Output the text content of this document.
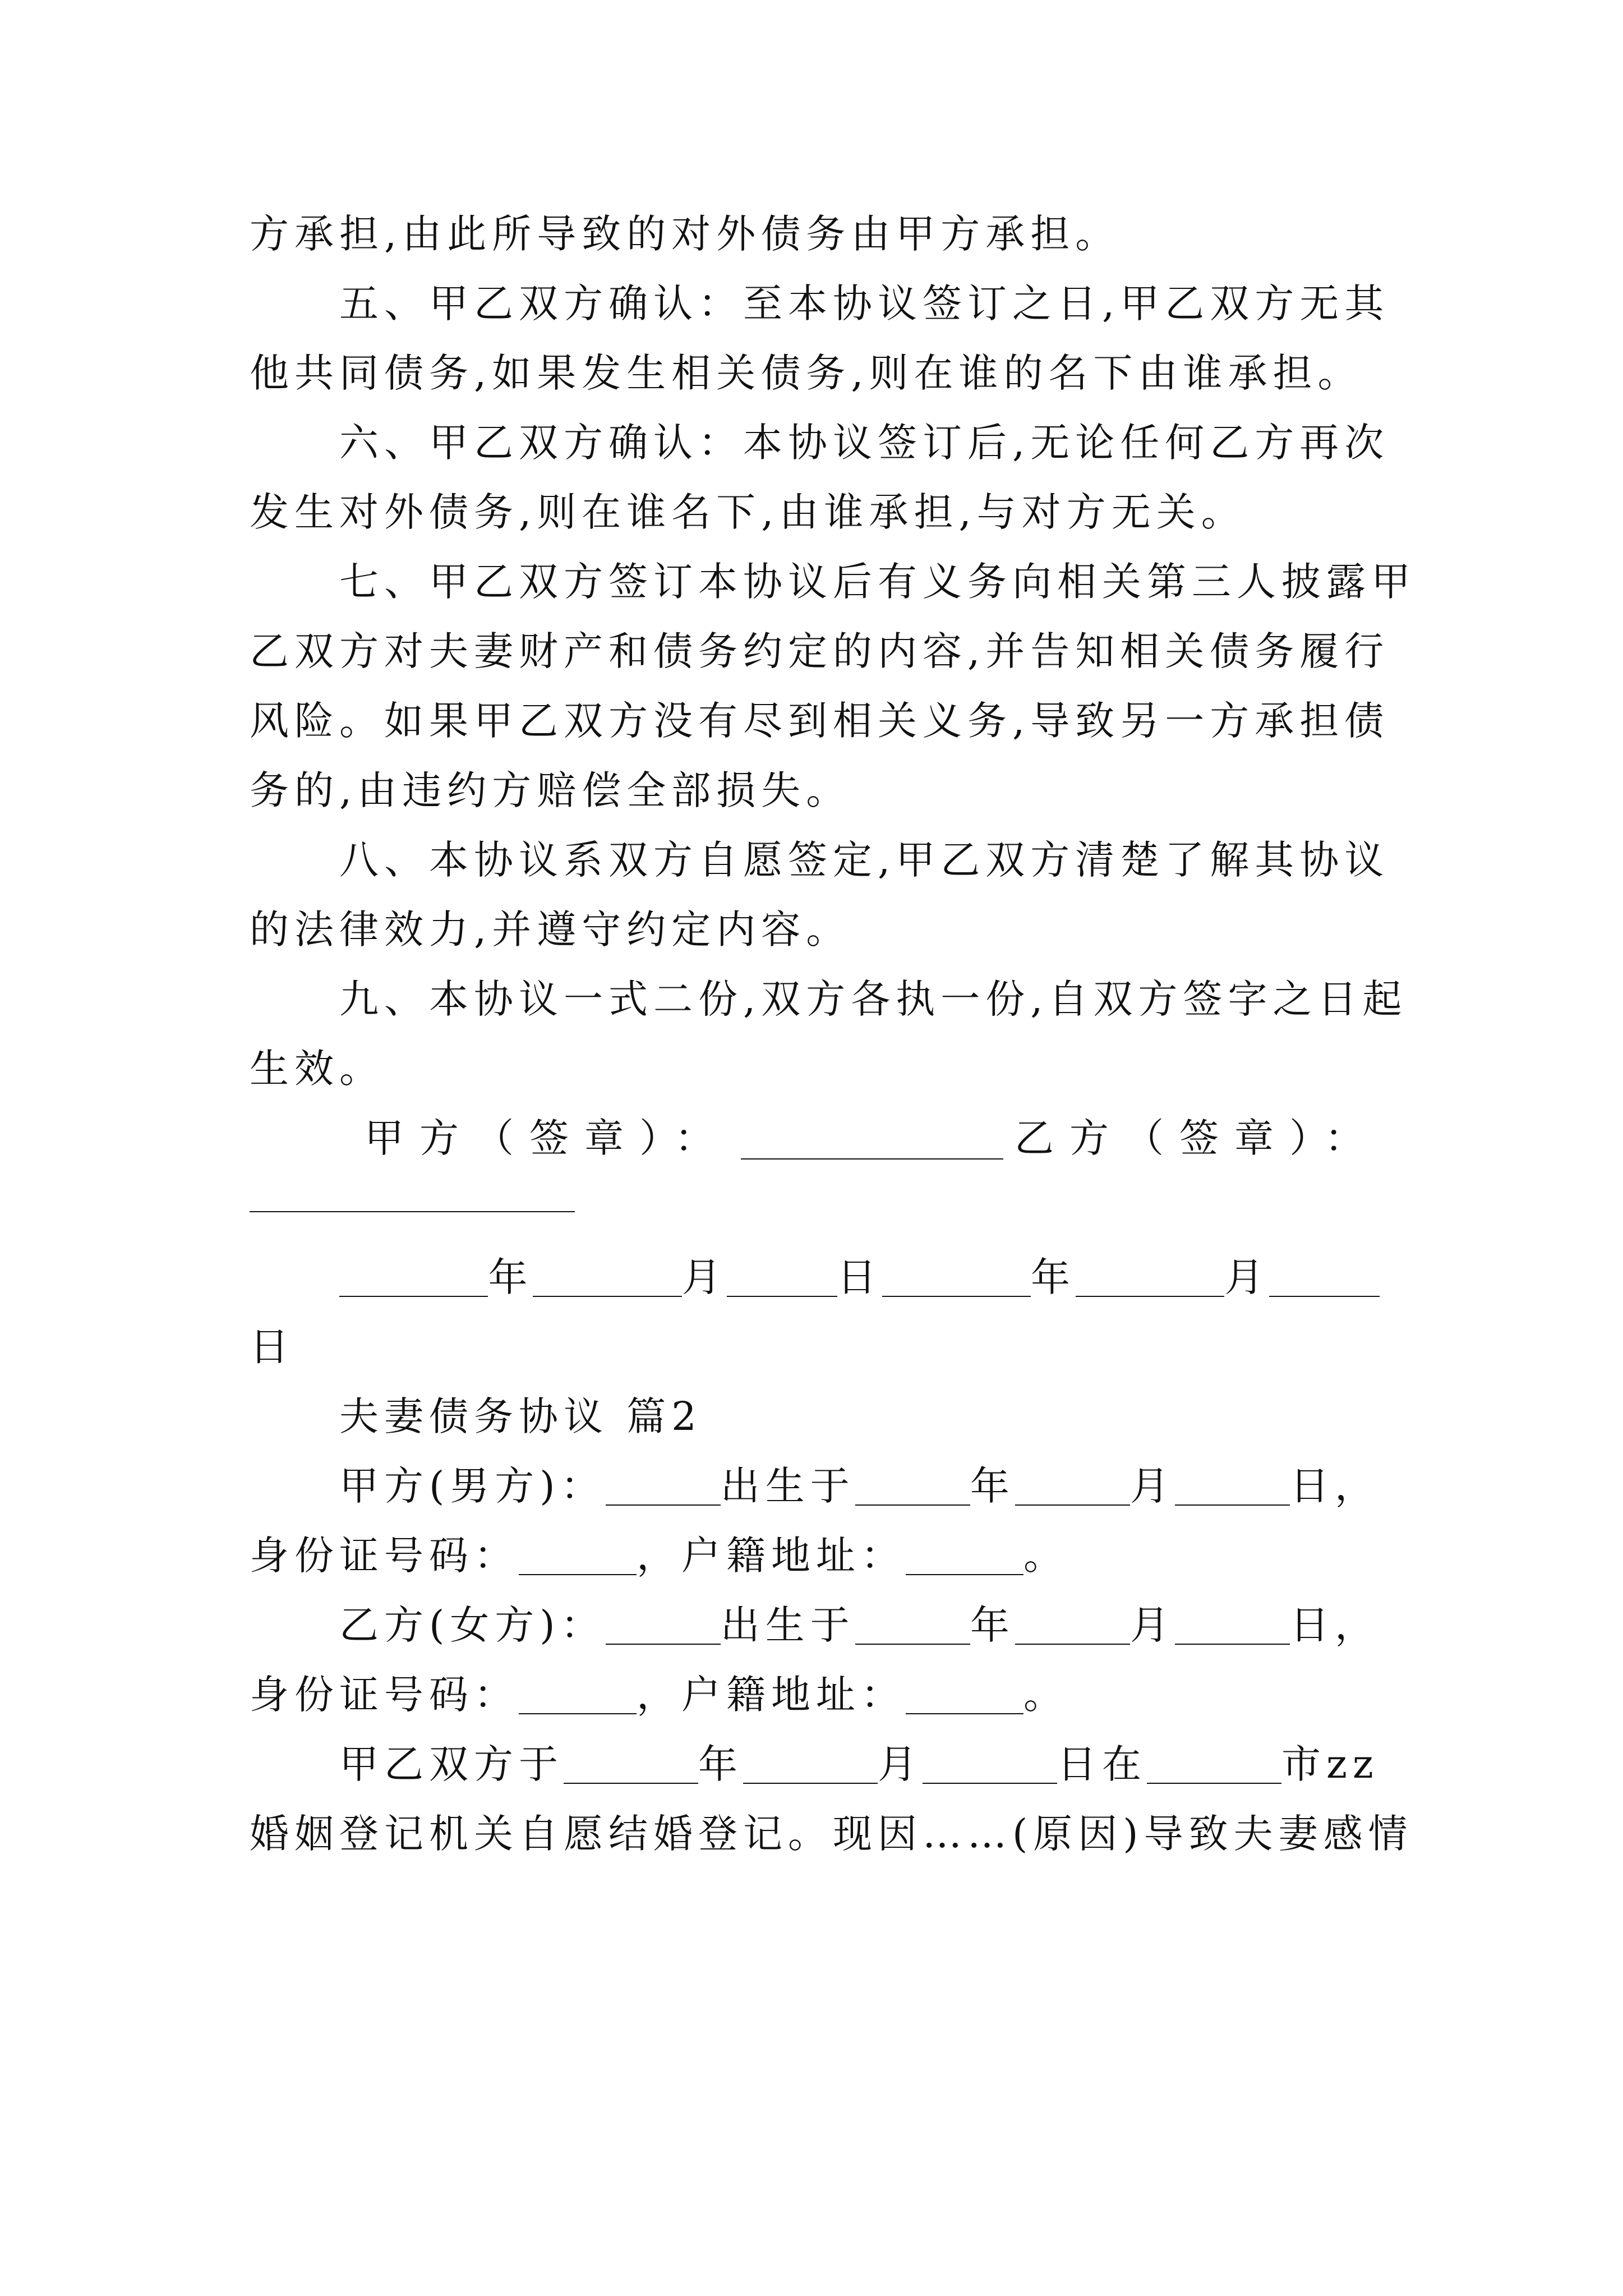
方承担,由此所导致的对外债务由甲方承担。
五、甲乙双方确认：至本协议签订之日,甲乙双方无其
他共同债务,如果发生相关债务,则在谁的名下由谁承担。
六、甲乙双方确认：本协议签订后,无论任何乙方再次
发生对外债务,则在谁名下,由谁承担,与对方无关。
七、甲乙双方签订本协议后有义务向相关第三人披露甲
乙双方对夫妻财产和债务约定的内容,并告知相关债务履行
风险。如果甲乙双方没有尽到相关义务,导致另一方承担债
务的,由违约方赔偿全部损失。
八、本协议系双方自愿签定,甲乙双方清楚了解其协议
的法律效力,并遵守约定内容。
九、本协议一式二份,双方各执一份,自双方签字之日起
生效。
甲方（签章）：	乙方（签章）：
年	月	日	年	月
日
夫妻债务协议 篇2
甲方(男方)：	出生于	年	月	日，
身份证号码：	，户籍地址：	。
乙方(女方)：	出生于	年	月	日，
身份证号码：	，户籍地址：	。
甲乙双方于	年	月	日在	市zz
婚姻登记机关自愿结婚登记。现因……(原因)导致夫妻感情
